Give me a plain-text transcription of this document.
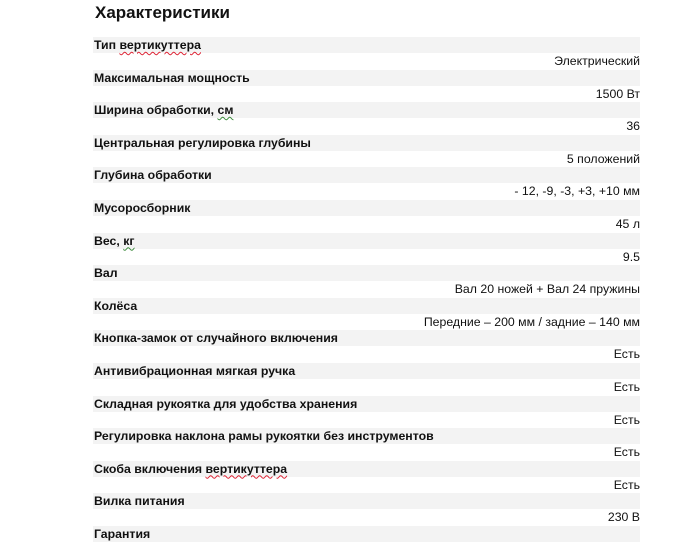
Характеристики
Тип вертикуттера
Электрический
Максимальная мощность
1500 Вт
Ширина обработки, см
36
Центральная регулировка глубины
5 положений
Глубина обработки
- 12, -9, -3, +3, +10 мм
Мусоросборник
45 л
Вес, кг
9.5
Вал
Вал 20 ножей + Вал 24 пружины
Колёса
Передние – 200 мм / задние – 140 мм
Кнопка-замок от случайного включения
Есть
Антивибрационная мягкая ручка
Есть
Складная рукоятка для удобства хранения
Есть
Регулировка наклона рамы рукоятки без инструментов
Есть
Скоба включения вертикуттера
Есть
Вилка питания
230 В
Гарантия
